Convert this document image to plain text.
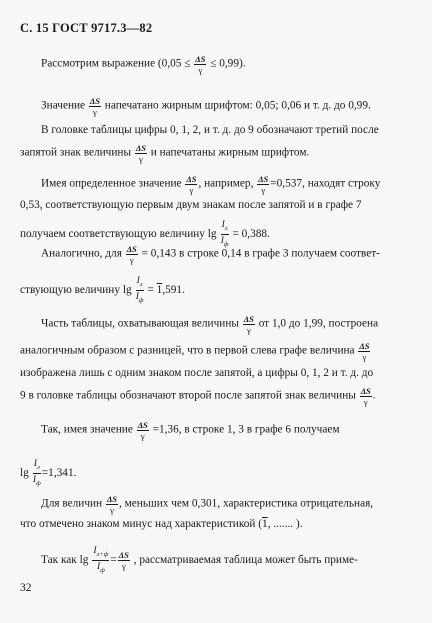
С. 15 ГОСТ 9717.3—82
Рассмотрим выражение $(0,05 \le \frac{\Delta S}{\gamma} \le 0,99)$.
Значение $\frac{\Delta S}{\gamma}$ напечатано жирным шрифтом: 0,05; 0,06 и т. д. до 0,99.
В головке таблицы цифры 0, 1, 2, и т. д. до 9 обозначают третий после
запятой знак величины $\frac{\Delta S}{\gamma}$ и напечатаны жирным шрифтом.
Имея определенное значение $\frac{\Delta S}{\gamma}$ , например, $\frac{\Delta S}{\gamma} =0,537$, находят строку
0,53, соответствующую первым двум знакам после запятой и в графе 7
получаем соответствующую величину $\lg \frac{I_л}{I_ф} = 0,388$.
Аналогично, для $\frac{\Delta S}{\gamma} = 0,143$ в строке 0,14 в графе 3 получаем соответ-
ствующую величину $\lg \frac{I_л}{I_ф} = 1,591$.
Часть таблицы, охватывающая величины $\frac{\Delta S}{\gamma}$ от 1,0 до 1,99, построена
аналогичным образом с разницей, что в первой слева графе величина $\frac{\Delta S}{\gamma}$
изображена лишь с одним знаком после запятой, а цифры 0, 1, 2 и т. д. до
9 в головке таблицы обозначают второй после запятой знак величины $\frac{\Delta S}{\gamma}$ .
Так, имея значение $\frac{\Delta S}{\gamma} =1,36$, в строке 1, 3 в графе 6 получаем
$\lg \frac{I_л}{I_ф} =1,341$.
Для величин $\frac{\Delta S}{\gamma}$ , меньших чем 0,301, характеристика отрицательная,
что отмечено знаком минус над характеристикой (1, ....... ).
Так как $\lg \frac{I_{л+ф}}{I_ф} = \frac{\Delta S}{\gamma}$ , рассматриваемая таблица может быть приме-
32
